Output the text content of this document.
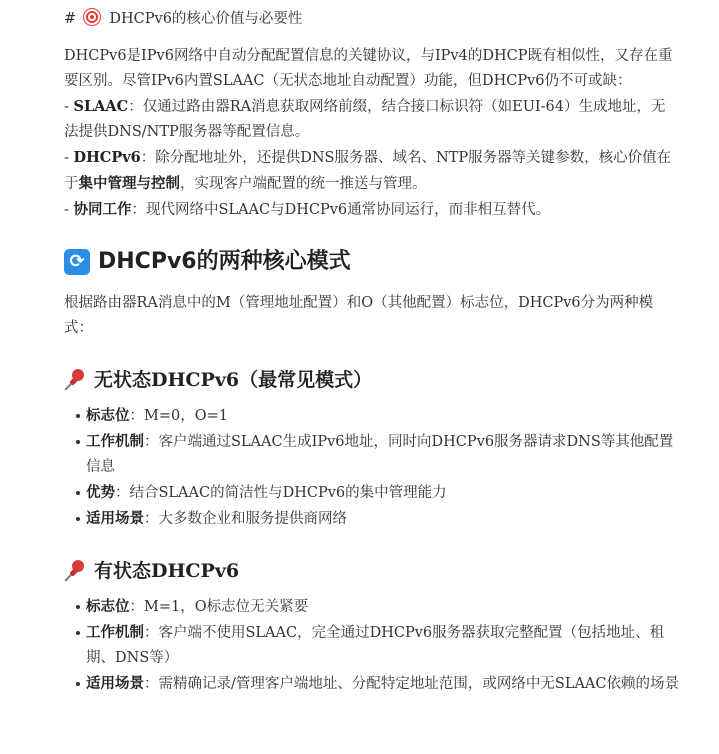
# DHCPv6的核心价值与必要性

DHCPv6是IPv6网络中自动分配配置信息的关键协议，与IPv4的DHCP既有相似性，又存在重要区别。尽管IPv6内置SLAAC（无状态地址自动配置）功能，但DHCPv6仍不可或缺：

- SLAAC：仅通过路由器RA消息获取网络前缀，结合接口标识符（如EUI-64）生成地址，无法提供DNS/NTP服务器等配置信息。
- DHCPv6：除分配地址外，还提供DNS服务器、域名、NTP服务器等关键参数，核心价值在于集中管理与控制，实现客户端配置的统一推送与管理。
- 协同工作：现代网络中SLAAC与DHCPv6通常协同运行，而非相互替代。
⟳ DHCPv6的两种核心模式

根据路由器RA消息中的M（管理地址配置）和O（其他配置）标志位，DHCPv6分为两种模式：

无状态DHCPv6（最常见模式）
标志位：M=0，O=1
工作机制：客户端通过SLAAC生成IPv6地址，同时向DHCPv6服务器请求DNS等其他配置信息
优势：结合SLAAC的简洁性与DHCPv6的集中管理能力
适用场景：大多数企业和服务提供商网络
有状态DHCPv6
标志位：M=1，O标志位无关紧要
工作机制：客户端不使用SLAAC，完全通过DHCPv6服务器获取完整配置（包括地址、租期、DNS等）
适用场景：需精确记录/管理客户端地址、分配特定地址范围，或网络中无SLAAC依赖的场景
